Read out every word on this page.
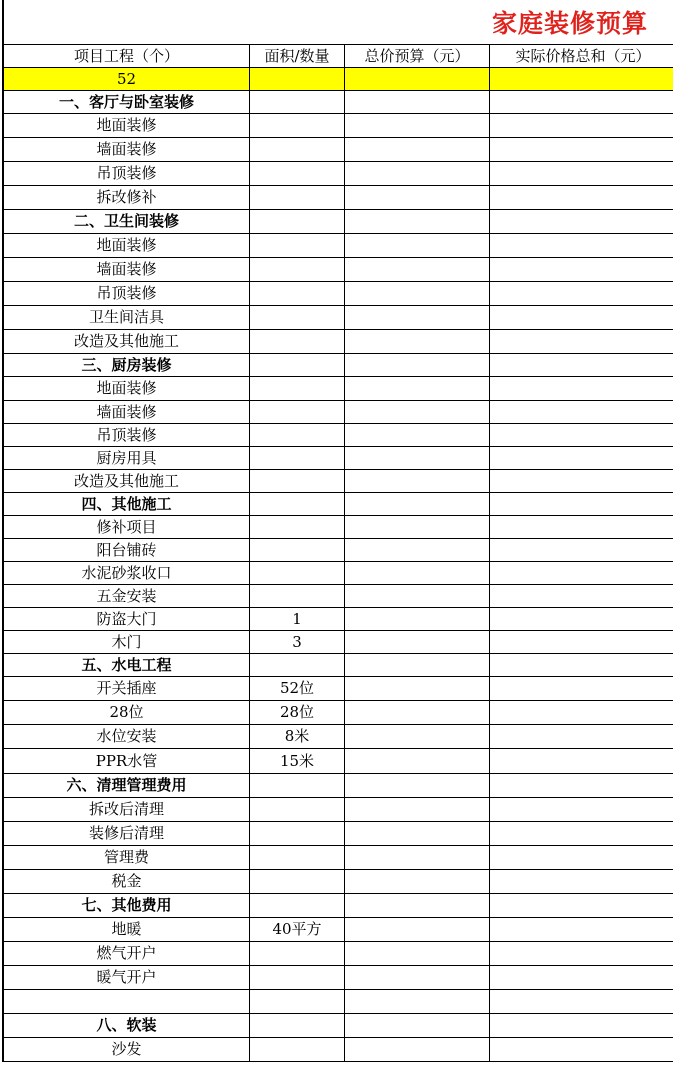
家庭装修预算
项目工程（个）	面积/数量	总价预算（元）	实际价格总和（元）
52			
一、客厅与卧室装修			
地面装修			
墙面装修			
吊顶装修			
拆改修补			
二、卫生间装修			
地面装修			
墙面装修			
吊顶装修			
卫生间洁具			
改造及其他施工			
三、厨房装修			
地面装修			
墙面装修			
吊顶装修			
厨房用具			
改造及其他施工			
四、其他施工			
修补项目			
阳台铺砖			
水泥砂浆收口			
五金安装			
防盗大门	1		
木门	3		
五、水电工程			
开关插座	52位		
28位	28位		
水位安装	8米		
PPR水管	15米		
六、清理管理费用			
拆改后清理			
装修后清理			
管理费			
税金			
七、其他费用			
地暖	40平方		
燃气开户			
暖气开户			

八、软装			
沙发			
